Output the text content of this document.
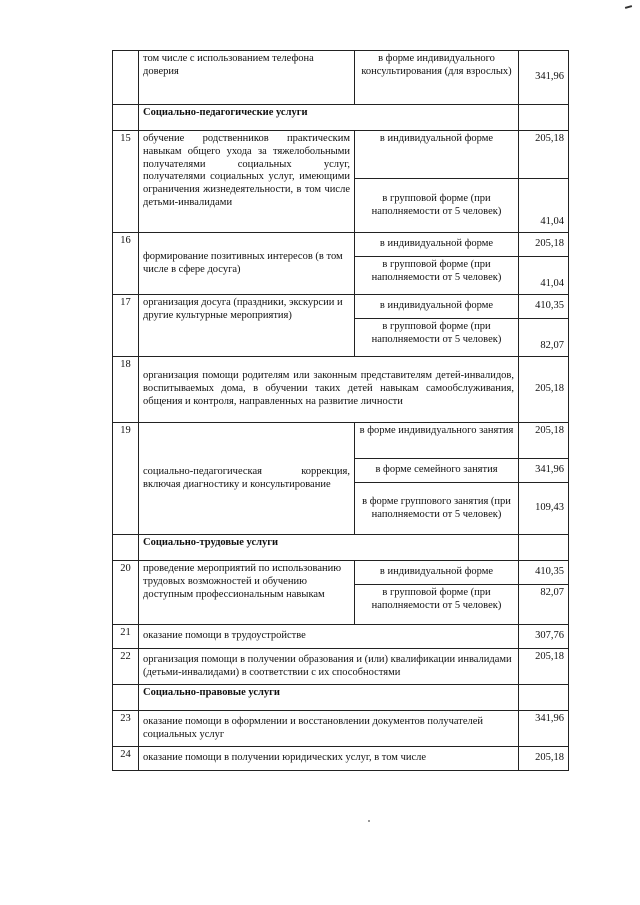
	том числе с использованием телефона доверия	в форме индивидуального консультирования (для взрослых)	341,96
	Социально-педагогические услуги		
15	обучение родственников практическим навыкам общего ухода за тяжелобольными получателями социальных услуг, получателями социальных услуг, имеющими ограничения жизнедеятельности, в том числе детьми-инвалидами	в индивидуальной форме	205,18
		в групповой форме (при наполняемости от 5 человек)	41,04
16	формирование позитивных интересов (в том числе в сфере досуга)	в индивидуальной форме	205,18
		в групповой форме (при наполняемости от 5 человек)	41,04
17	организация досуга (праздники, экскурсии и другие культурные мероприятия)	в индивидуальной форме	410,35
		в групповой форме (при наполняемости от 5 человек)	82,07
18	организация помощи родителям или законным представителям детей-инвалидов, воспитываемых дома, в обучении таких детей навыкам самообслуживания, общения и контроля, направленных на развитие личности		205,18
19	социально-педагогическая коррекция, включая диагностику и консультирование	в форме индивидуального занятия	205,18
		в форме семейного занятия	341,96
		в форме группового занятия (при наполняемости от 5 человек)	109,43
	Социально-трудовые услуги		
20	проведение мероприятий по использованию трудовых возможностей и обучению доступным профессиональным навыкам	в индивидуальной форме	410,35
		в групповой форме (при наполняемости от 5 человек)	82,07
21	оказание помощи в трудоустройстве		307,76
22	организация помощи в получении образования и (или) квалификации инвалидами (детьми-инвалидами) в соответствии с их способностями		205,18
	Социально-правовые услуги		
23	оказание помощи в оформлении и восстановлении документов получателей социальных услуг		341,96
24	оказание помощи в получении юридических услуг, в том числе		205,18
